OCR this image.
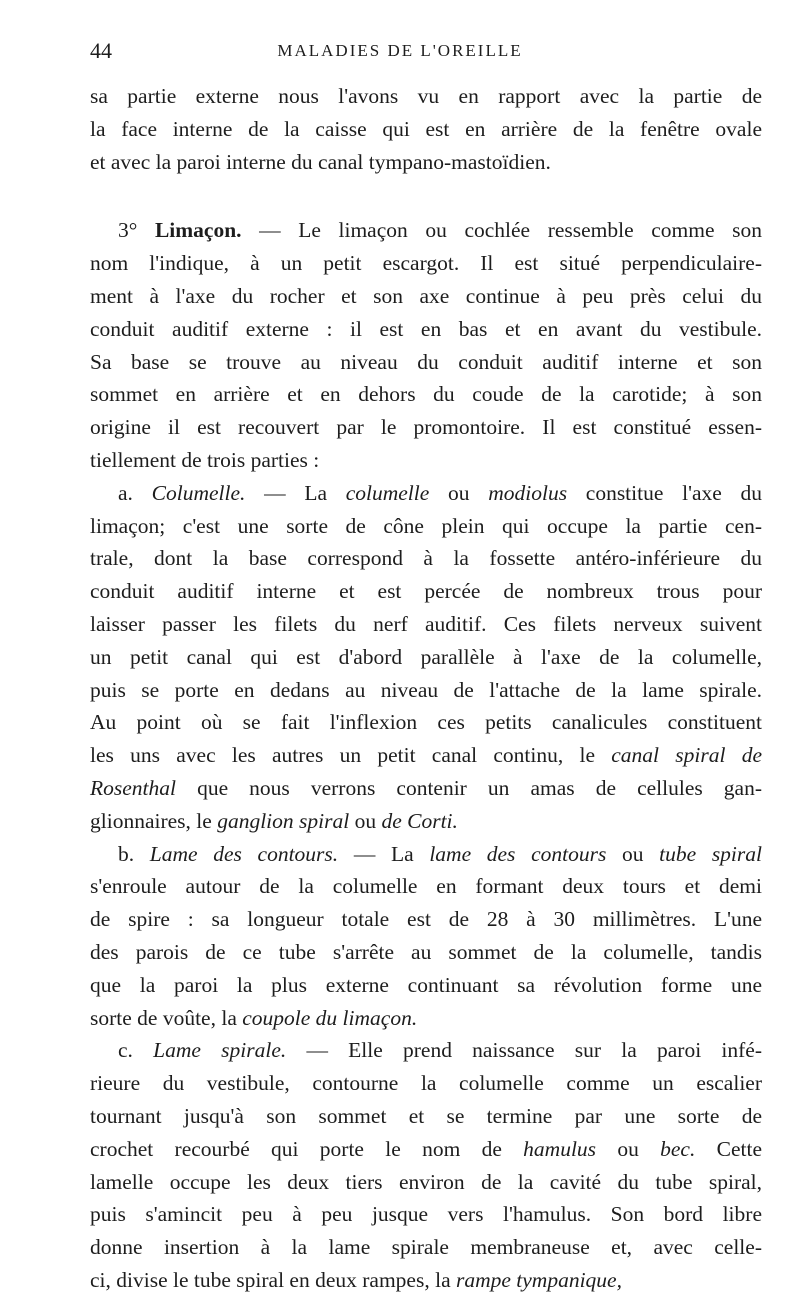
44	MALADIES DE L'OREILLE
sa partie externe nous l'avons vu en rapport avec la partie de
la face interne de la caisse qui est en arrière de la fenêtre ovale
et avec la paroi interne du canal tympano-mastoïdien.
3° Limaçon. — Le limaçon ou cochlée ressemble comme son
nom l'indique, à un petit escargot. Il est situé perpendiculaire-
ment à l'axe du rocher et son axe continue à peu près celui du
conduit auditif externe : il est en bas et en avant du vestibule.
Sa base se trouve au niveau du conduit auditif interne et son
sommet en arrière et en dehors du coude de la carotide; à son
origine il est recouvert par le promontoire. Il est constitué essen-
tiellement de trois parties :
a. Columelle. — La columelle ou modiolus constitue l'axe du
limaçon; c'est une sorte de cône plein qui occupe la partie cen-
trale, dont la base correspond à la fossette antéro-inférieure du
conduit auditif interne et est percée de nombreux trous pour
laisser passer les filets du nerf auditif. Ces filets nerveux suivent
un petit canal qui est d'abord parallèle à l'axe de la columelle,
puis se porte en dedans au niveau de l'attache de la lame spirale.
Au point où se fait l'inflexion ces petits canalicules constituent
les uns avec les autres un petit canal continu, le canal spiral de
Rosenthal que nous verrons contenir un amas de cellules gan-
glionnaires, le ganglion spiral ou de Corti.
b. Lame des contours. — La lame des contours ou tube spiral
s'enroule autour de la columelle en formant deux tours et demi
de spire : sa longueur totale est de 28 à 30 millimètres. L'une
des parois de ce tube s'arrête au sommet de la columelle, tandis
que la paroi la plus externe continuant sa révolution forme une
sorte de voûte, la coupole du limaçon.
c. Lame spirale. — Elle prend naissance sur la paroi infé-
rieure du vestibule, contourne la columelle comme un escalier
tournant jusqu'à son sommet et se termine par une sorte de
crochet recourbé qui porte le nom de hamulus ou bec. Cette
lamelle occupe les deux tiers environ de la cavité du tube spiral,
puis s'amincit peu à peu jusque vers l'hamulus. Son bord libre
donne insertion à la lame spirale membraneuse et, avec celle-
ci, divise le tube spiral en deux rampes, la rampe tympanique,
